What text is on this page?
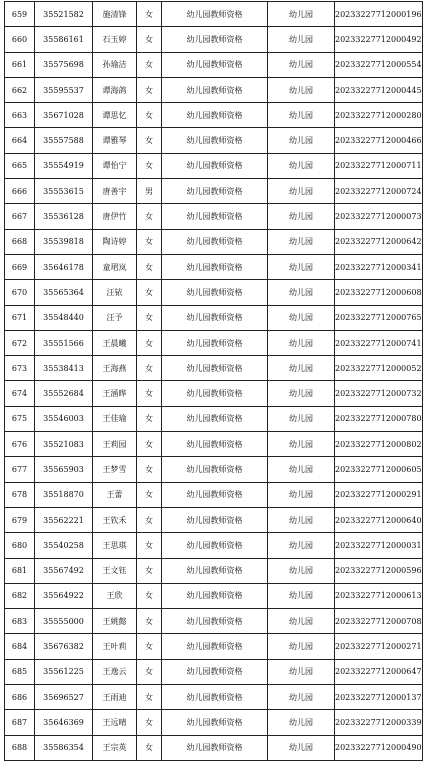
659	35521582	施清锋	女	幼儿园教师资格	幼儿园	20233227712000196
660	35586161	石玉婷	女	幼儿园教师资格	幼儿园	20233227712000492
661	35575698	孙瑜洁	女	幼儿园教师资格	幼儿园	20233227712000554
662	35595537	谭海鸽	女	幼儿园教师资格	幼儿园	20233227712000445
663	35671028	谭思忆	女	幼儿园教师资格	幼儿园	20233227712000280
664	35557588	谭雅琴	女	幼儿园教师资格	幼儿园	20233227712000466
665	35554919	谭怡宁	女	幼儿园教师资格	幼儿园	20233227712000711
666	35553615	唐善宇	男	幼儿园教师资格	幼儿园	20233227712000724
667	35536128	唐伊竹	女	幼儿园教师资格	幼儿园	20233227712000073
668	35539818	陶诗婷	女	幼儿园教师资格	幼儿园	20233227712000642
669	35646178	童珺岚	女	幼儿园教师资格	幼儿园	20233227712000341
670	35565364	汪铱	女	幼儿园教师资格	幼儿园	20233227712000608
671	35548440	汪予	女	幼儿园教师资格	幼儿园	20233227712000765
672	35551566	王晨曦	女	幼儿园教师资格	幼儿园	20233227712000741
673	35538413	王海燕	女	幼儿园教师资格	幼儿园	20233227712000052
674	35552684	王涵晔	女	幼儿园教师资格	幼儿园	20233227712000732
675	35546003	王佳瑜	女	幼儿园教师资格	幼儿园	20233227712000780
676	35521083	王莉园	女	幼儿园教师资格	幼儿园	20233227712000802
677	35565903	王梦雪	女	幼儿园教师资格	幼儿园	20233227712000605
678	35518870	王蕾	女	幼儿园教师资格	幼儿园	20233227712000291
679	35562221	王钦禾	女	幼儿园教师资格	幼儿园	20233227712000640
680	35540258	王思琪	女	幼儿园教师资格	幼儿园	20233227712000031
681	35567492	王文钰	女	幼儿园教师资格	幼儿园	20233227712000596
682	35564922	王欣	女	幼儿园教师资格	幼儿园	20233227712000613
683	35555000	王姚懿	女	幼儿园教师资格	幼儿园	20233227712000708
684	35676382	王叶莉	女	幼儿园教师资格	幼儿园	20233227712000271
685	35561225	王逸云	女	幼儿园教师资格	幼儿园	20233227712000647
686	35696527	王雨迪	女	幼儿园教师资格	幼儿园	20233227712000137
687	35646369	王远晴	女	幼儿园教师资格	幼儿园	20233227712000339
688	35586354	王宗英	女	幼儿园教师资格	幼儿园	20233227712000490
